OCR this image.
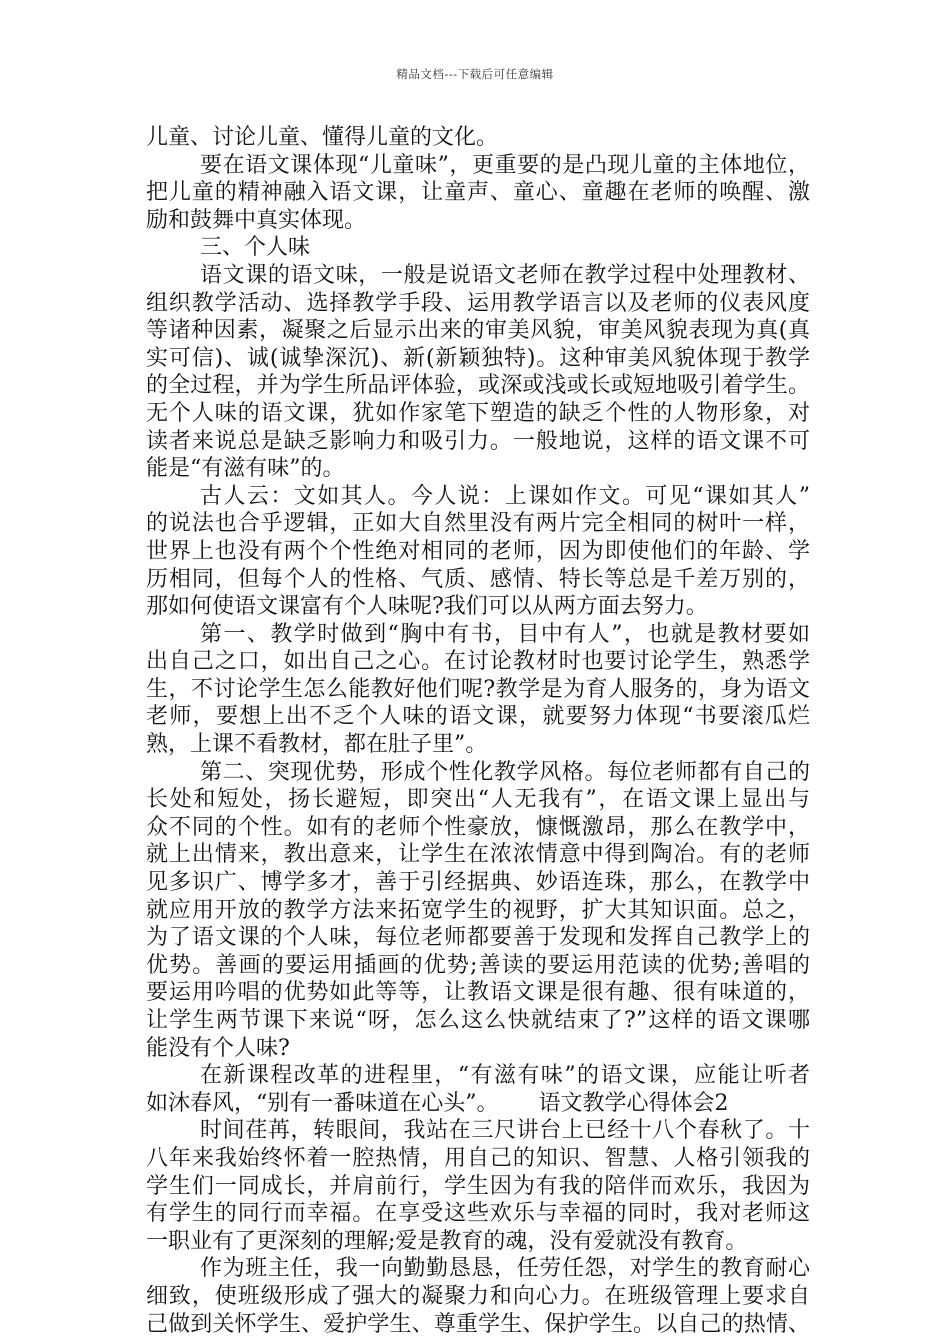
精品文档---下载后可任意编辑
儿童、讨论儿童、懂得儿童的文化。
要在语文课体现“儿童味”，更重要的是凸现儿童的主体地位，
把儿童的精神融入语文课，让童声、童心、童趣在老师的唤醒、激
励和鼓舞中真实体现。
三、个人味
语文课的语文味，一般是说语文老师在教学过程中处理教材、
组织教学活动、选择教学手段、运用教学语言以及老师的仪表风度
等诸种因素，凝聚之后显示出来的审美风貌，审美风貌表现为真(真
实可信)、诚(诚挚深沉)、新(新颖独特)。这种审美风貌体现于教学
的全过程，并为学生所品评体验，或深或浅或长或短地吸引着学生。
无个人味的语文课，犹如作家笔下塑造的缺乏个性的人物形象，对
读者来说总是缺乏影响力和吸引力。一般地说，这样的语文课不可
能是“有滋有味”的。
古人云：文如其人。今人说：上课如作文。可见“课如其人”
的说法也合乎逻辑，正如大自然里没有两片完全相同的树叶一样，
世界上也没有两个个性绝对相同的老师，因为即使他们的年龄、学
历相同，但每个人的性格、气质、感情、特长等总是千差万别的，
那如何使语文课富有个人味呢?我们可以从两方面去努力。
第一、教学时做到“胸中有书，目中有人”，也就是教材要如
出自己之口，如出自己之心。在讨论教材时也要讨论学生，熟悉学
生，不讨论学生怎么能教好他们呢?教学是为育人服务的，身为语文
老师，要想上出不乏个人味的语文课，就要努力体现“书要滚瓜烂
熟，上课不看教材，都在肚子里”。
第二、突现优势，形成个性化教学风格。每位老师都有自己的
长处和短处，扬长避短，即突出“人无我有”，在语文课上显出与
众不同的个性。如有的老师个性豪放，慷慨激昂，那么在教学中，
就上出情来，教出意来，让学生在浓浓情意中得到陶冶。有的老师
见多识广、博学多才，善于引经据典、妙语连珠，那么，在教学中
就应用开放的教学方法来拓宽学生的视野，扩大其知识面。总之，
为了语文课的个人味，每位老师都要善于发现和发挥自己教学上的
优势。善画的要运用插画的优势;善读的要运用范读的优势;善唱的
要运用吟唱的优势如此等等，让教语文课是很有趣、很有味道的，
让学生两节课下来说“呀，怎么这么快就结束了?”这样的语文课哪
能没有个人味?
在新课程改革的进程里，“有滋有味”的语文课，应能让听者
如沐春风，“别有一番味道在心头”。　　 语文教学心得体会2
时间荏苒，转眼间，我站在三尺讲台上已经十八个春秋了。十
八年来我始终怀着一腔热情，用自己的知识、智慧、人格引领我的
学生们一同成长，并肩前行，学生因为有我的陪伴而欢乐，我因为
有学生的同行而幸福。在享受这些欢乐与幸福的同时，我对老师这
一职业有了更深刻的理解;爱是教育的魂，没有爱就没有教育。
作为班主任，我一向勤勤恳恳，任劳任怨，对学生的教育耐心
细致，使班级形成了强大的凝聚力和向心力。在班级管理上要求自
己做到关怀学生、爱护学生、尊重学生、保护学生。以自己的热情、
